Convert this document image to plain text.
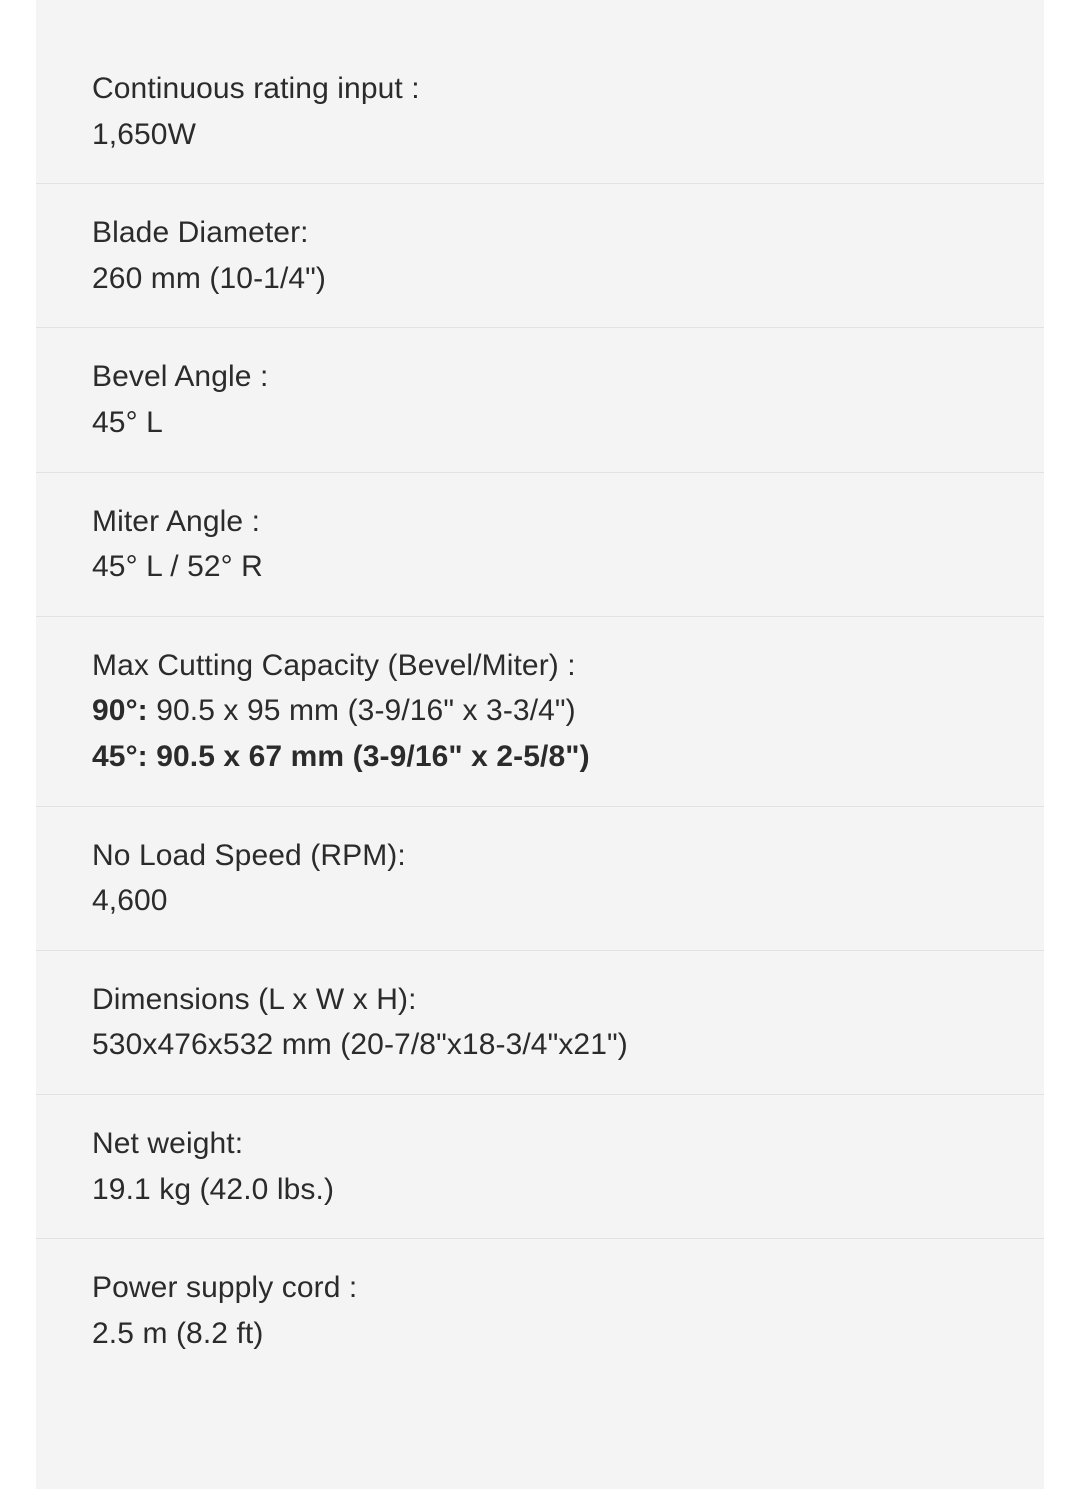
Continuous rating input :
1,650W
Blade Diameter:
260 mm (10-1/4")
Bevel Angle :
45° L
Miter Angle :
45° L / 52° R
Max Cutting Capacity (Bevel/Miter) :
90°: 90.5 x 95 mm (3-9/16" x 3-3/4")
45°: 90.5 x 67 mm (3-9/16" x 2-5/8")
No Load Speed (RPM):
4,600
Dimensions (L x W x H):
530x476x532 mm (20-7/8"x18-3/4"x21")
Net weight:
19.1 kg (42.0 lbs.)
Power supply cord :
2.5 m (8.2 ft)
